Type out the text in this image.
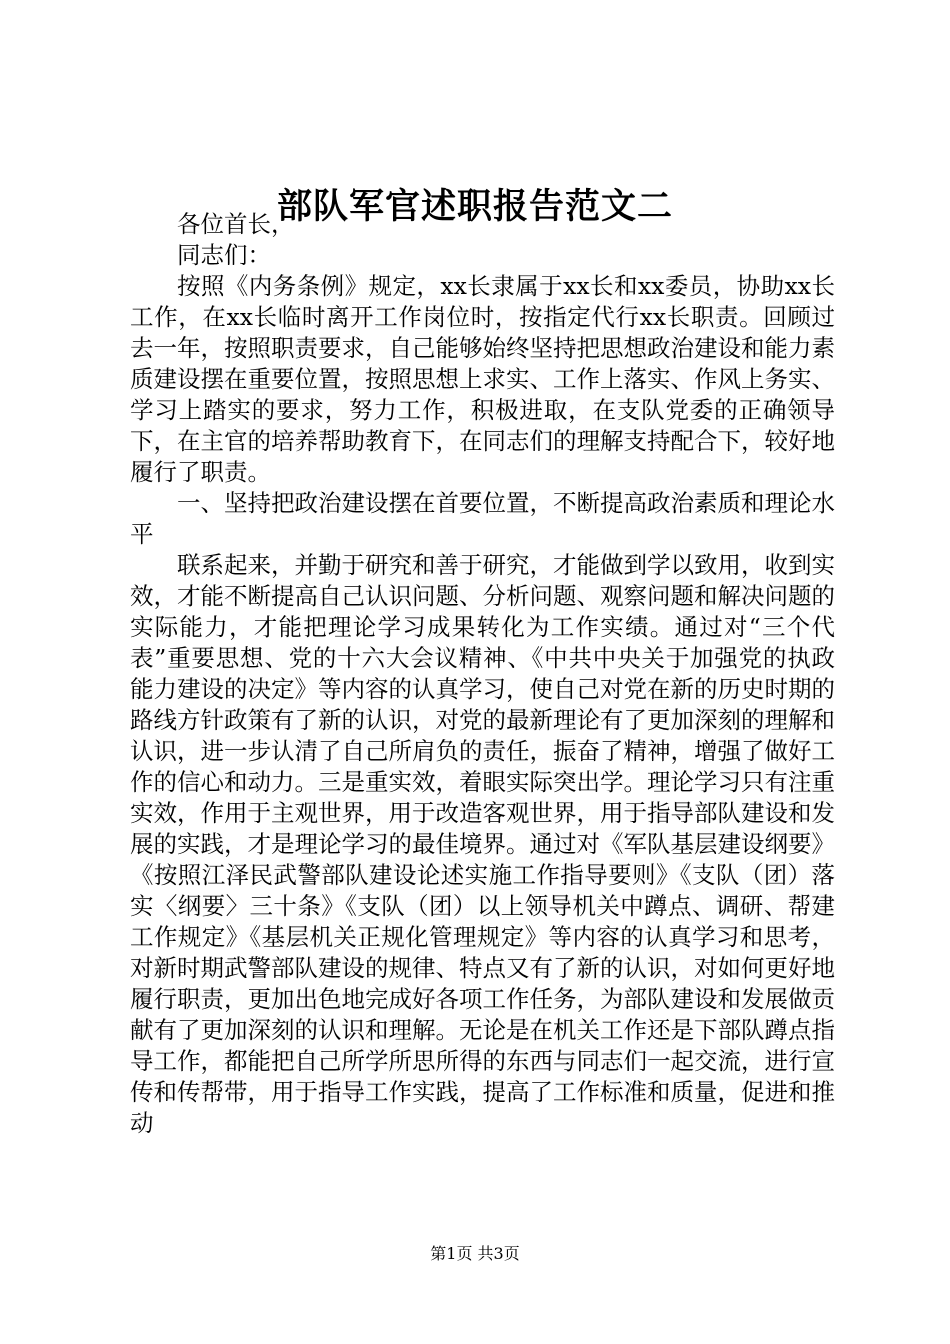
部队军官述职报告范文二

各位首长，

同志们：

按照《内务条例》规定，xx长隶属于xx长和xx委员，协助xx长工作，在xx长临时离开工作岗位时，按指定代行xx长职责。回顾过去一年，按照职责要求，自己能够始终坚持把思想政治建设和能力素质建设摆在重要位置，按照思想上求实、工作上落实、作风上务实、学习上踏实的要求，努力工作，积极进取，在支队党委的正确领导下，在主官的培养帮助教育下，在同志们的理解支持配合下，较好地履行了职责。

一、坚持把政治建设摆在首要位置，不断提高政治素质和理论水平

联系起来，并勤于研究和善于研究，才能做到学以致用，收到实效，才能不断提高自己认识问题、分析问题、观察问题和解决问题的实际能力，才能把理论学习成果转化为工作实绩。通过对“三个代表”重要思想、党的十六大会议精神、《中共中央关于加强党的执政能力建设的决定》等内容的认真学习，使自己对党在新的历史时期的路线方针政策有了新的认识，对党的最新理论有了更加深刻的理解和认识，进一步认清了自己所肩负的责任，振奋了精神，增强了做好工作的信心和动力。三是重实效，着眼实际突出学。理论学习只有注重实效，作用于主观世界，用于改造客观世界，用于指导部队建设和发展的实践，才是理论学习的最佳境界。通过对《军队基层建设纲要》《按照江泽民武警部队建设论述实施工作指导要则》《支队（团）落实〈纲要〉三十条》《支队（团）以上领导机关中蹲点、调研、帮建工作规定》《基层机关正规化管理规定》等内容的认真学习和思考，对新时期武警部队建设的规律、特点又有了新的认识，对如何更好地履行职责，更加出色地完成好各项工作任务，为部队建设和发展做贡献有了更加深刻的认识和理解。无论是在机关工作还是下部队蹲点指导工作，都能把自己所学所思所得的东西与同志们一起交流，进行宣传和传帮带，用于指导工作实践，提高了工作标准和质量，促进和推动

第1页 共3页
